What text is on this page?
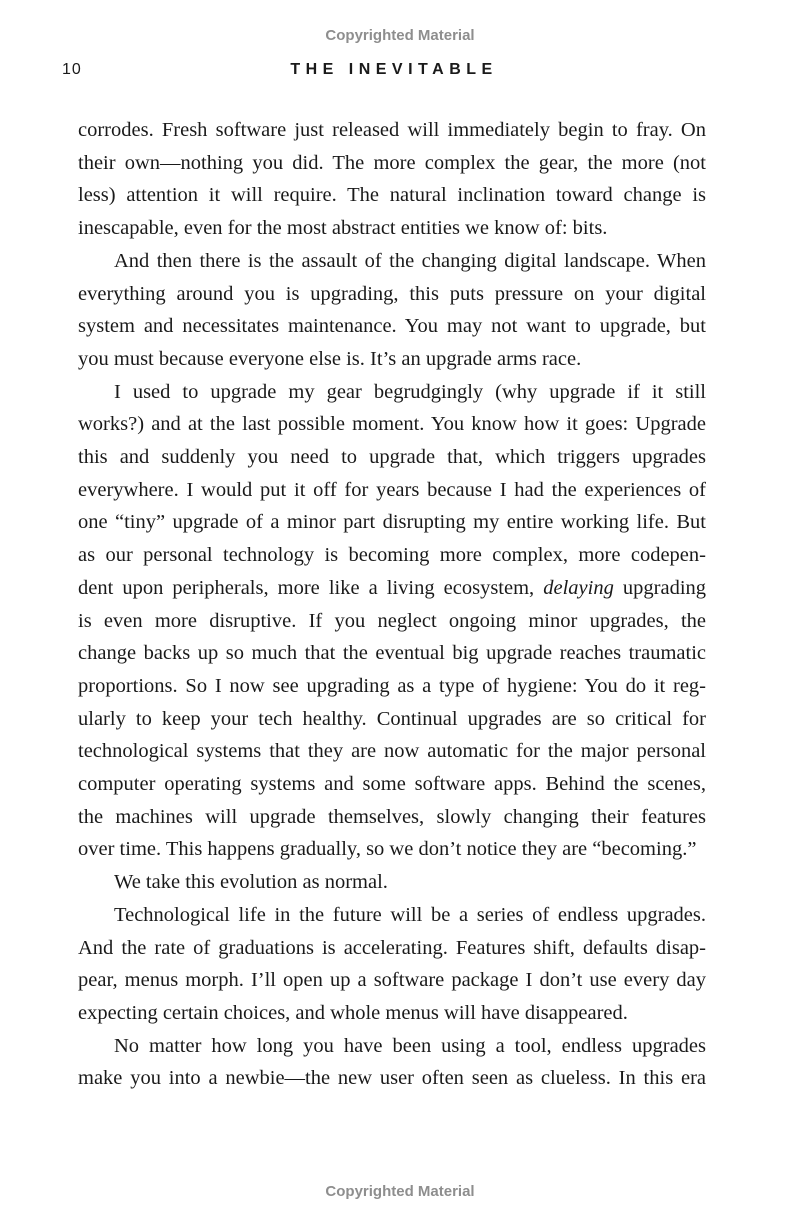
Copyrighted Material
10	THE INEVITABLE
corrodes. Fresh software just released will immediately begin to fray. On
their own—nothing you did. The more complex the gear, the more (not
less) attention it will require. The natural inclination toward change is
inescapable, even for the most abstract entities we know of: bits.
And then there is the assault of the changing digital landscape. When
everything around you is upgrading, this puts pressure on your digital
system and necessitates maintenance. You may not want to upgrade, but
you must because everyone else is. It’s an upgrade arms race.
I used to upgrade my gear begrudgingly (why upgrade if it still
works?) and at the last possible moment. You know how it goes: Upgrade
this and suddenly you need to upgrade that, which triggers upgrades
everywhere. I would put it off for years because I had the experiences of
one “tiny” upgrade of a minor part disrupting my entire working life. But
as our personal technology is becoming more complex, more codepen-
dent upon peripherals, more like a living ecosystem, delaying upgrading
is even more disruptive. If you neglect ongoing minor upgrades, the
change backs up so much that the eventual big upgrade reaches traumatic
proportions. So I now see upgrading as a type of hygiene: You do it reg-
ularly to keep your tech healthy. Continual upgrades are so critical for
technological systems that they are now automatic for the major personal
computer operating systems and some software apps. Behind the scenes,
the machines will upgrade themselves, slowly changing their features
over time. This happens gradually, so we don’t notice they are “becoming.”
We take this evolution as normal.
Technological life in the future will be a series of endless upgrades.
And the rate of graduations is accelerating. Features shift, defaults disap-
pear, menus morph. I’ll open up a software package I don’t use every day
expecting certain choices, and whole menus will have disappeared.
No matter how long you have been using a tool, endless upgrades
make you into a newbie—the new user often seen as clueless. In this era
Copyrighted Material
